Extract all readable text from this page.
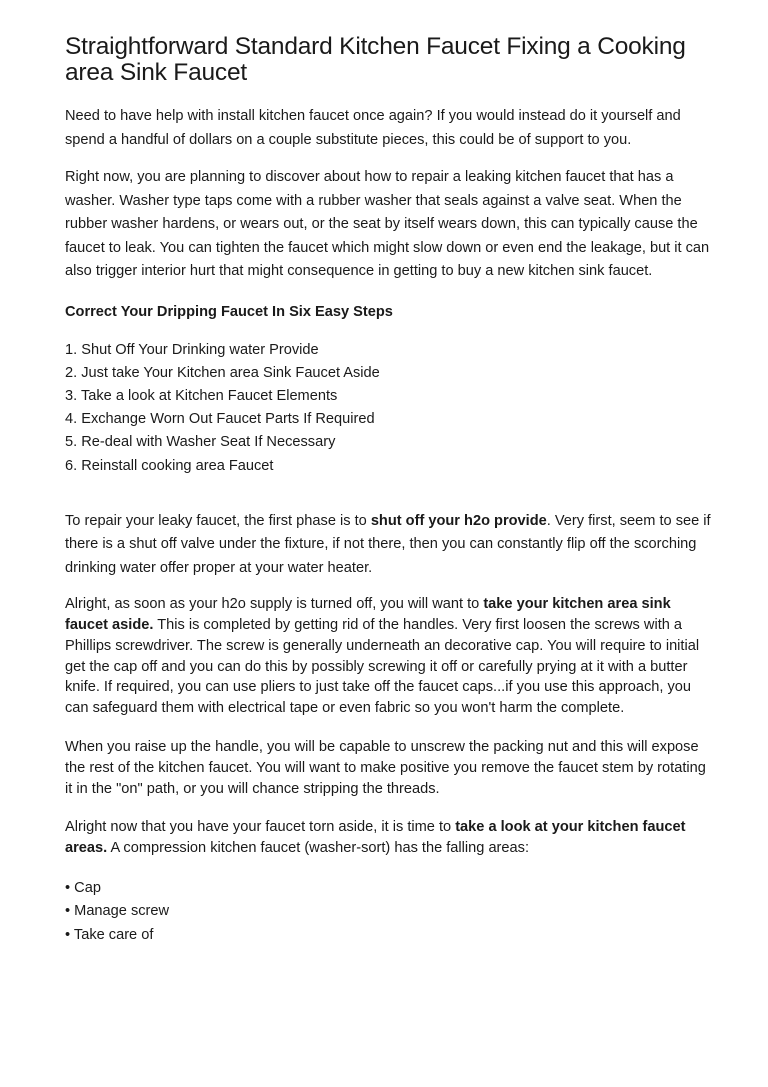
Straightforward Standard Kitchen Faucet Fixing a Cooking area Sink Faucet

Need to have help with install kitchen faucet once again? If you would instead do it yourself and spend a handful of dollars on a couple substitute pieces, this could be of support to you.

Right now, you are planning to discover about how to repair a leaking kitchen faucet that has a washer. Washer type taps come with a rubber washer that seals against a valve seat. When the rubber washer hardens, or wears out, or the seat by itself wears down, this can typically cause the faucet to leak. You can tighten the faucet which might slow down or even end the leakage, but it can also trigger interior hurt that might consequence in getting to buy a new kitchen sink faucet.

Correct Your Dripping Faucet In Six Easy Steps
1. Shut Off Your Drinking water Provide
2. Just take Your Kitchen area Sink Faucet Aside
3. Take a look at Kitchen Faucet Elements
4. Exchange Worn Out Faucet Parts If Required
5. Re-deal with Washer Seat If Necessary
6. Reinstall cooking area Faucet

To repair your leaky faucet, the first phase is to shut off your h2o provide. Very first, seem to see if there is a shut off valve under the fixture, if not there, then you can constantly flip off the scorching drinking water offer proper at your water heater.

Alright, as soon as your h2o supply is turned off, you will want to take your kitchen area sink faucet aside. This is completed by getting rid of the handles. Very first loosen the screws with a Phillips screwdriver. The screw is generally underneath an decorative cap. You will require to initial get the cap off and you can do this by possibly screwing it off or carefully prying at it with a butter knife. If required, you can use pliers to just take off the faucet caps...if you use this approach, you can safeguard them with electrical tape or even fabric so you won't harm the complete.

When you raise up the handle, you will be capable to unscrew the packing nut and this will expose the rest of the kitchen faucet. You will want to make positive you remove the faucet stem by rotating it in the "on" path, or you will chance stripping the threads.

Alright now that you have your faucet torn aside, it is time to take a look at your kitchen faucet areas. A compression kitchen faucet (washer-sort) has the falling areas:

• Cap
• Manage screw
• Take care of
